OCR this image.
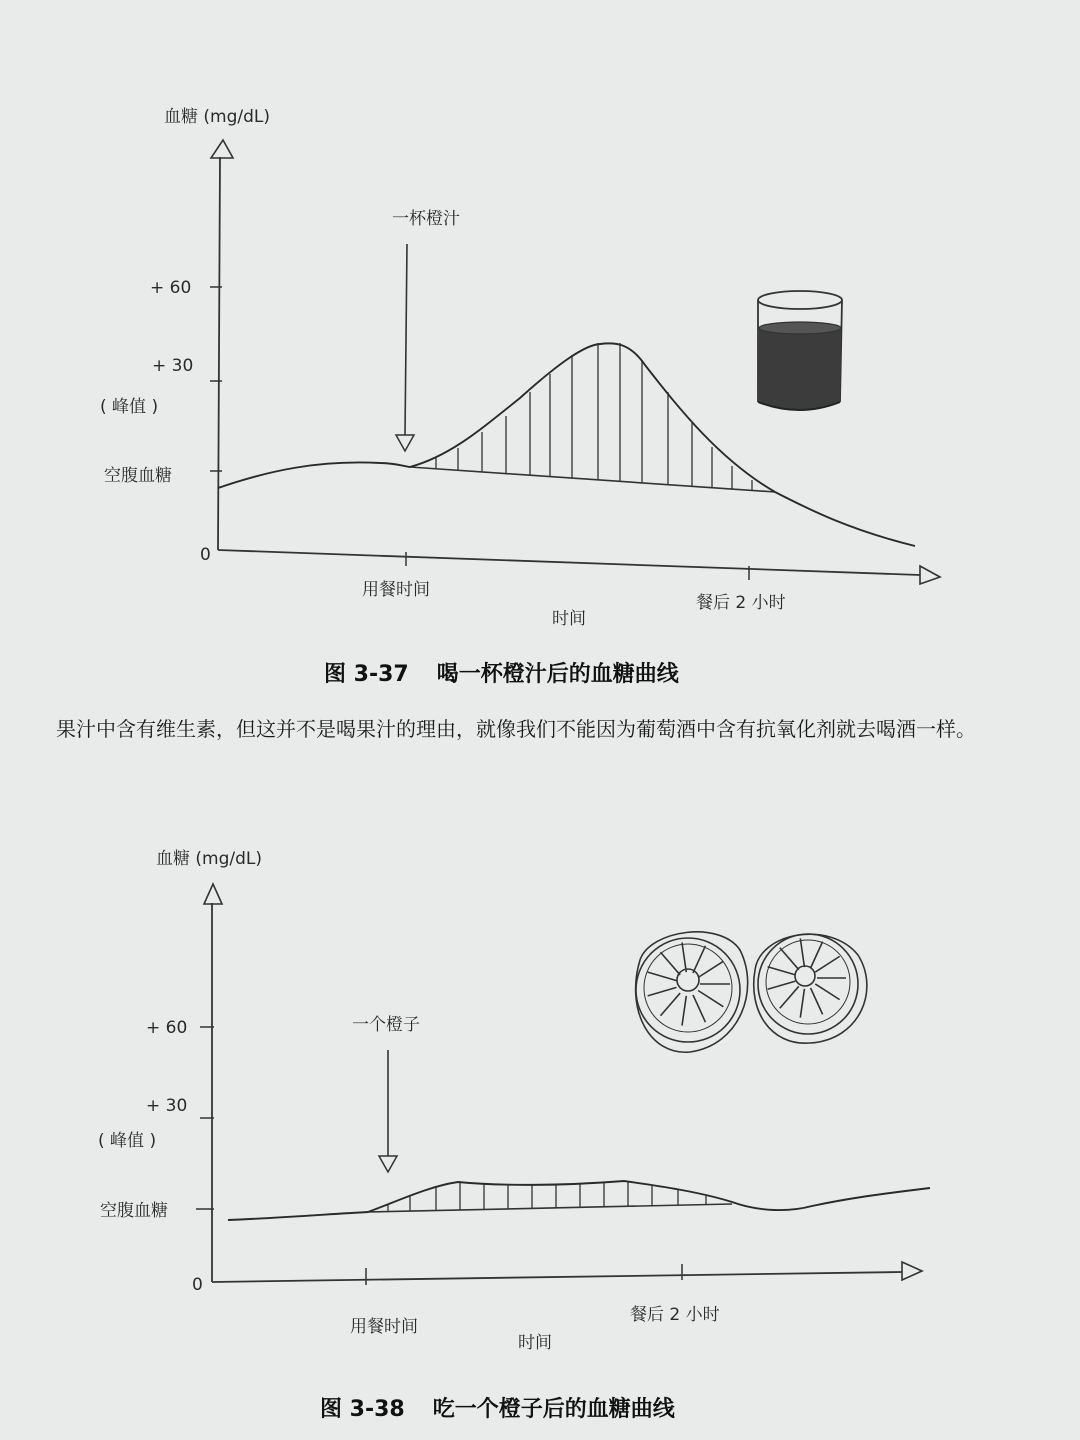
血糖 (mg/dL)
+ 60
+ 30
( 峰值 )
空腹血糖
0
用餐时间
餐后 2 小时
时间
一杯橙汁
图 3-37 喝一杯橙汁后的血糖曲线
果汁中含有维生素，但这并不是喝果汁的理由，就像我们不能因为葡萄酒中含有抗氧化剂就去喝酒一样。
血糖 (mg/dL)
+ 60
+ 30
( 峰值 )
空腹血糖
0
用餐时间
餐后 2 小时
时间
一个橙子
图 3-38 吃一个橙子后的血糖曲线
